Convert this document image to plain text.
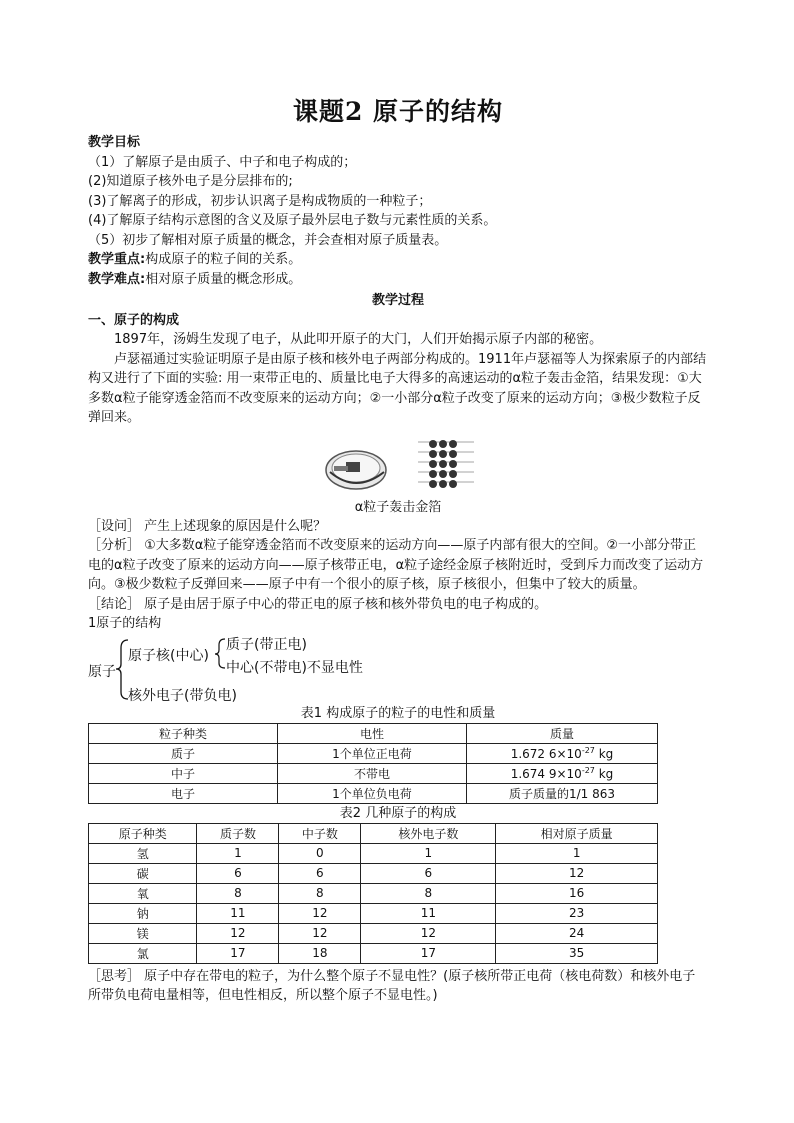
课题2 原子的结构
教学目标
（1）了解原子是由质子、中子和电子构成的；
(2)知道原子核外电子是分层排布的;
(3)了解离子的形成，初步认识离子是构成物质的一种粒子；
(4)了解原子结构示意图的含义及原子最外层电子数与元素性质的关系。
（5）初步了解相对原子质量的概念，并会查相对原子质量表。
教学重点:构成原子的粒子间的关系。
教学难点:相对原子质量的概念形成。
教学过程
一、原子的构成
1897年，汤姆生发现了电子，从此叩开原子的大门，人们开始揭示原子内部的秘密。
卢瑟福通过实验证明原子是由原子核和核外电子两部分构成的。1911年卢瑟福等人为探索原子的内部结构又进行了下面的实验: 用一束带正电的、质量比电子大得多的高速运动的α粒子轰击金箔，结果发现：①大多数α粒子能穿透金箔而不改变原来的运动方向；②一小部分α粒子改变了原来的运动方向；③极少数粒子反弹回来。
α粒子轰击金箔
［设问］ 产生上述现象的原因是什么呢？
［分析］ ①大多数α粒子能穿透金箔而不改变原来的运动方向——原子内部有很大的空间。②一小部分带正电的α粒子改变了原来的运动方向——原子核带正电，α粒子途经金原子核附近时，受到斥力而改变了运动方向。③极少数粒子反弹回来——原子中有一个很小的原子核，原子核很小，但集中了较大的质量。
［结论］ 原子是由居于原子中心的带正电的原子核和核外带负电的电子构成的。
1原子的结构
原子
原子核(中心)
核外电子(带负电)
质子(带正电)
中心(不带电)不显电性
表1 构成原子的粒子的电性和质量
粒子种类	电性	质量
质子	1个单位正电荷	1.672 $6\times 10^{-27}$ kg
中子	不带电	1.674 $9\times 10^{-27}$ kg
电子	1个单位负电荷	质子质量的1/1 863
表2 几种原子的构成
原子种类	质子数	中子数	核外电子数	相对原子质量
氢	1	0	1	1
碳	6	6	6	12
氧	8	8	8	16
钠	11	12	11	23
镁	12	12	12	24
氯	17	18	17	35
［思考］ 原子中存在带电的粒子，为什么整个原子不显电性？(原子核所带正电荷（核电荷数）和核外电子所带负电荷电量相等，但电性相反，所以整个原子不显电性。)
